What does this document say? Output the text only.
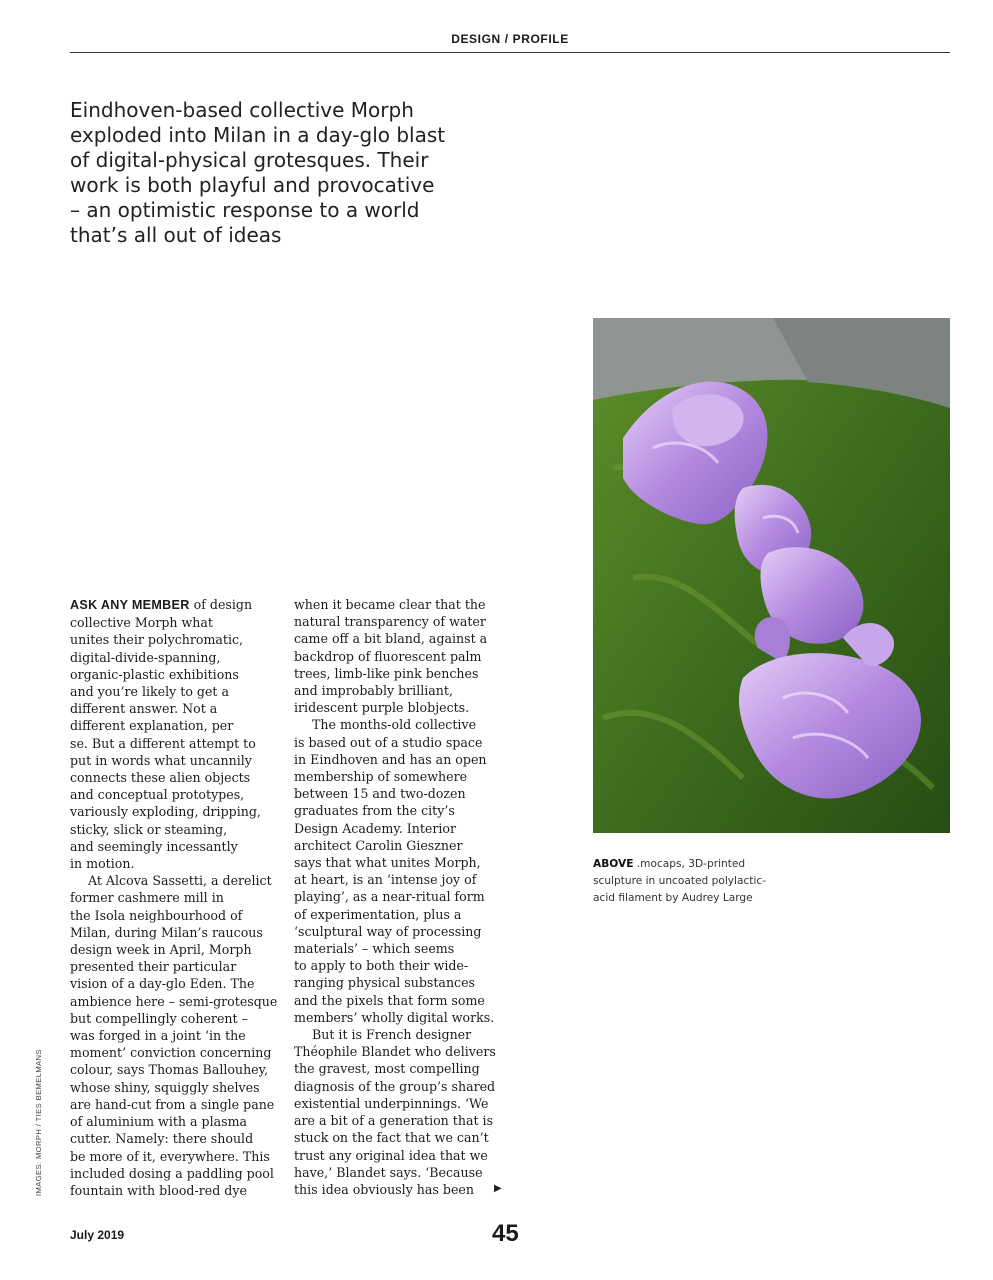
DESIGN / PROFILE
Eindhoven-based collective Morph
exploded into Milan in a day-glo blast
of digital-physical grotesques. Their
work is both playful and provocative
– an optimistic response to a world
that’s all out of ideas
ASK ANY MEMBER of design
collective Morph what
unites their polychromatic,
digital-divide-spanning,
organic-plastic exhibitions
and you’re likely to get a
different answer. Not a
different explanation, per
se. But a different attempt to
put in words what uncannily
connects these alien objects
and conceptual prototypes,
variously exploding, dripping,
sticky, slick or steaming,
and seemingly incessantly
in motion.
At Alcova Sassetti, a derelict
former cashmere mill in
the Isola neighbourhood of
Milan, during Milan’s raucous
design week in April, Morph
presented their particular
vision of a day-glo Eden. The
ambience here – semi-grotesque
but compellingly coherent –
was forged in a joint ‘in the
moment’ conviction concerning
colour, says Thomas Ballouhey,
whose shiny, squiggly shelves
are hand-cut from a single pane
of aluminium with a plasma
cutter. Namely: there should
be more of it, everywhere. This
included dosing a paddling pool
fountain with blood-red dye
when it became clear that the
natural transparency of water
came off a bit bland, against a
backdrop of fluorescent palm
trees, limb-like pink benches
and improbably brilliant,
iridescent purple blobjects.
The months-old collective
is based out of a studio space
in Eindhoven and has an open
membership of somewhere
between 15 and two-dozen
graduates from the city’s
Design Academy. Interior
architect Carolin Gieszner
says that what unites Morph,
at heart, is an ‘intense joy of
playing’, as a near-ritual form
of experimentation, plus a
‘sculptural way of processing
materials’ – which seems
to apply to both their wide-
ranging physical substances
and the pixels that form some
members’ wholly digital works.
But it is French designer
Théophile Blandet who delivers
the gravest, most compelling
diagnosis of the group’s shared
existential underpinnings. ‘We
are a bit of a generation that is
stuck on the fact that we can’t
trust any original idea that we
have,’ Blandet says. ‘Because
this idea obviously has been	▶
ABOVE .mocaps, 3D-printed
sculpture in uncoated polylactic-
acid filament by Audrey Large
IMAGES: MORPH / TIES BEMELMANS
July 2019	45
